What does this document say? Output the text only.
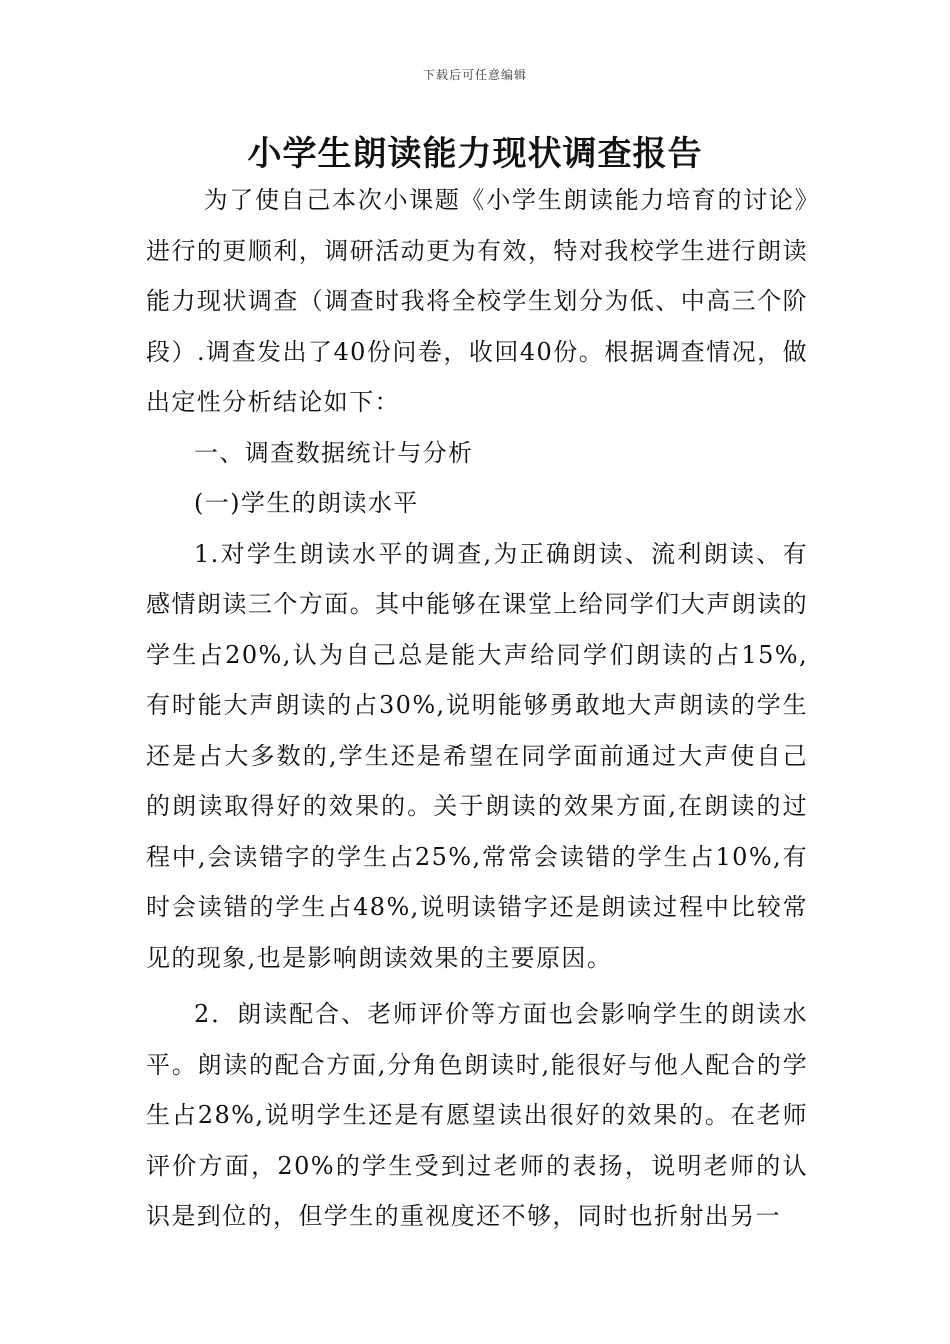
下载后可任意编辑
小学生朗读能力现状调查报告

为了使自己本次小课题《小学生朗读能力培育的讨论》进行的更顺利，调研活动更为有效，特对我校学生进行朗读能力现状调查（调查时我将全校学生划分为低、中高三个阶段）.调查发出了40份问卷，收回40份。根据调查情况，做出定性分析结论如下：

一、调查数据统计与分析

(一)学生的朗读水平

1.对学生朗读水平的调查,为正确朗读、流利朗读、有感情朗读三个方面。其中能够在课堂上给同学们大声朗读的学生占20%,认为自己总是能大声给同学们朗读的占15%,有时能大声朗读的占30%,说明能够勇敢地大声朗读的学生还是占大多数的,学生还是希望在同学面前通过大声使自己的朗读取得好的效果的。关于朗读的效果方面,在朗读的过程中,会读错字的学生占25%,常常会读错的学生占10%,有时会读错的学生占48%,说明读错字还是朗读过程中比较常见的现象,也是影响朗读效果的主要原因。

2．朗读配合、老师评价等方面也会影响学生的朗读水平。朗读的配合方面,分角色朗读时,能很好与他人配合的学生占28%,说明学生还是有愿望读出很好的效果的。在老师评价方面，20%的学生受到过老师的表扬，说明老师的认识是到位的，但学生的重视度还不够，同时也折射出另一
